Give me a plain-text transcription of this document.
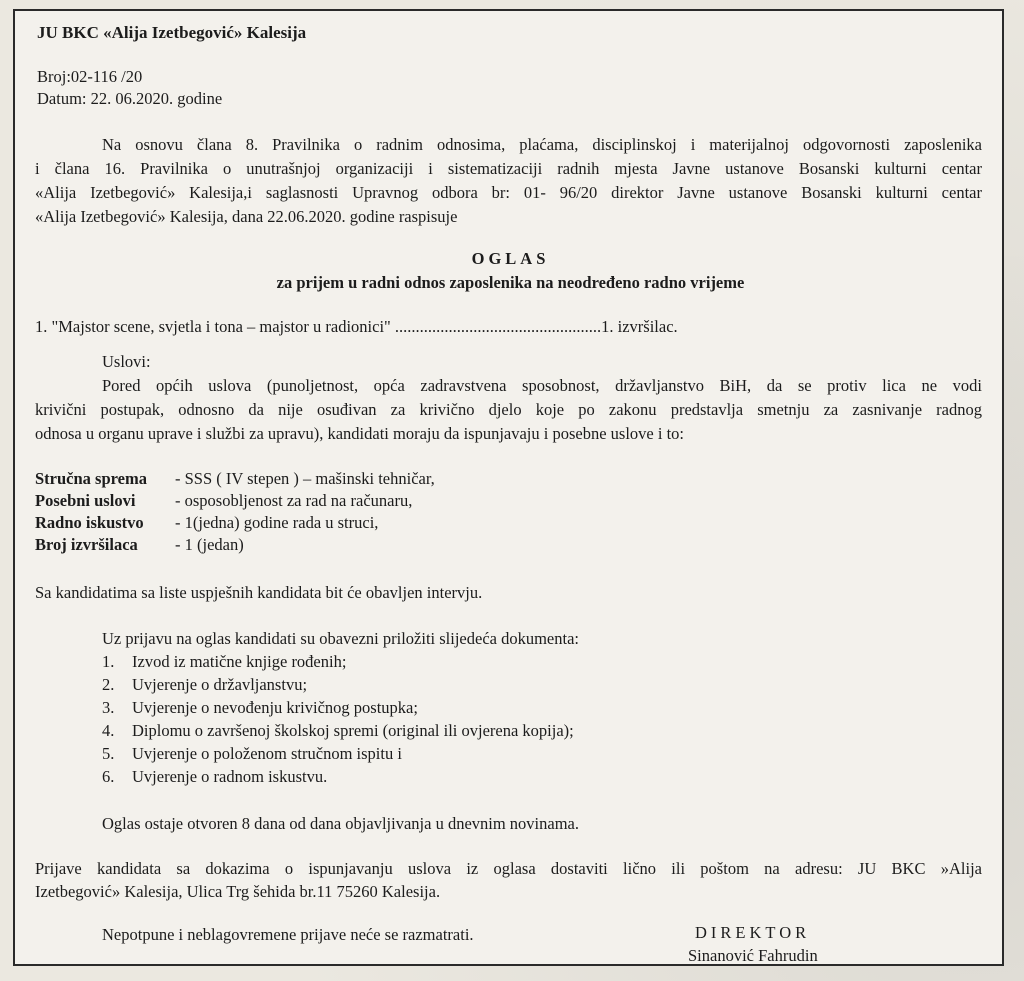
JU BKC «Alija Izetbegović» Kalesija
Broj:02-116 /20
Datum: 22. 06.2020. godine
Na osnovu člana 8. Pravilnika o radnim odnosima, plaćama, disciplinskoj i materijalnoj odgovornosti zaposlenika
i člana 16. Pravilnika o unutrašnjoj organizaciji i sistematizaciji radnih mjesta Javne ustanove Bosanski kulturni centar
«Alija Izetbegović» Kalesija,i saglasnosti Upravnog odbora br: 01- 96/20 direktor Javne ustanove Bosanski kulturni centar
«Alija Izetbegović» Kalesija, dana 22.06.2020. godine raspisuje
OGLAS
za prijem u radni odnos zaposlenika na neodređeno radno vrijeme
1. "Majstor scene, svjetla i tona – majstor u radionici" ..................................................1. izvršilac.
Uslovi:
Pored općih uslova (punoljetnost, opća zadravstvena sposobnost, državljanstvo BiH, da se protiv lica ne vodi
krivični postupak, odnosno da nije osuđivan za krivično djelo koje po zakonu predstavlja smetnju za zasnivanje radnog
odnosa u organu uprave i službi za upravu), kandidati moraju da ispunjavaju i posebne uslove i to:
Stručna sprema - SSS ( IV stepen ) – mašinski tehničar,
Posebni uslovi - osposobljenost za rad na računaru,
Radno iskustvo - 1(jedna) godine rada u struci,
Broj izvršilaca - 1 (jedan)
Sa kandidatima sa liste uspješnih kandidata bit će obavljen intervju.
Uz prijavu na oglas kandidati su obavezni priložiti slijedeća dokumenta:
1. Izvod iz matične knjige rođenih;
2. Uvjerenje o državljanstvu;
3. Uvjerenje o nevođenju krivičnog postupka;
4. Diplomu o završenoj školskoj spremi (original ili ovjerena kopija);
5. Uvjerenje o položenom stručnom ispitu i
6. Uvjerenje o radnom iskustvu.
Oglas ostaje otvoren 8 dana od dana objavljivanja u dnevnim novinama.
Prijave kandidata sa dokazima o ispunjavanju uslova iz oglasa dostaviti lično ili poštom na adresu: JU BKC »Alija
Izetbegović» Kalesija, Ulica Trg šehida br.11 75260 Kalesija.
Nepotpune i neblagovremene prijave neće se razmatrati.	DIREKTOR
Sinanović Fahrudin
